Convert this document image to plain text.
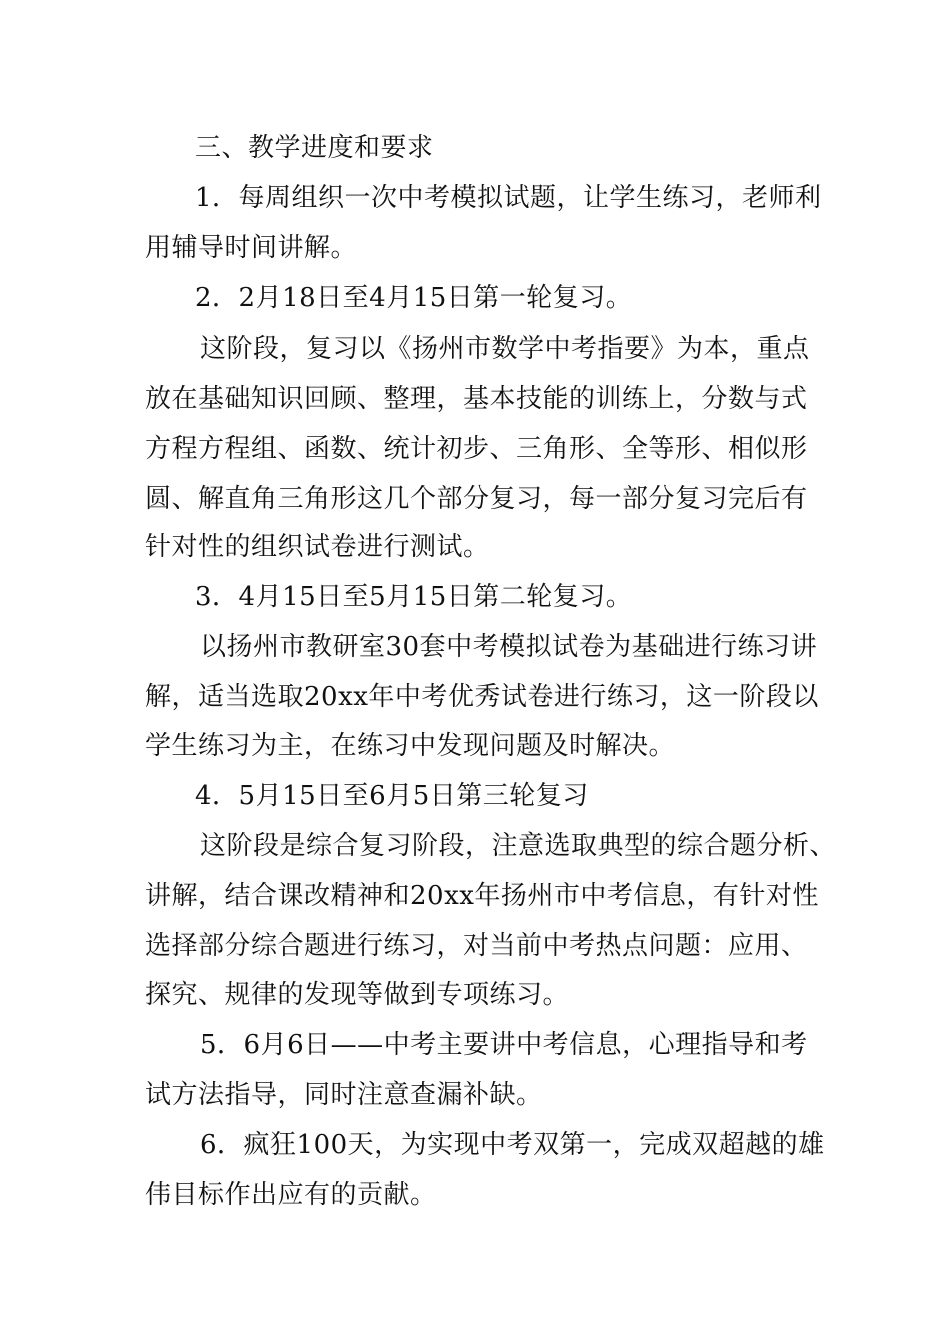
三、教学进度和要求
1．每周组织一次中考模拟试题，让学生练习，老师利
用辅导时间讲解。
2．2月18日至4月15日第一轮复习。
这阶段，复习以《扬州市数学中考指要》为本，重点
放在基础知识回顾、整理，基本技能的训练上，分数与式
方程方程组、函数、统计初步、三角形、全等形、相似形
圆、解直角三角形这几个部分复习，每一部分复习完后有
针对性的组织试卷进行测试。
3．4月15日至5月15日第二轮复习。
以扬州市教研室30套中考模拟试卷为基础进行练习讲
解，适当选取20xx年中考优秀试卷进行练习，这一阶段以
学生练习为主，在练习中发现问题及时解决。
4．5月15日至6月5日第三轮复习
这阶段是综合复习阶段，注意选取典型的综合题分析、
讲解，结合课改精神和20xx年扬州市中考信息，有针对性
选择部分综合题进行练习，对当前中考热点问题：应用、
探究、规律的发现等做到专项练习。
5．6月6日——中考主要讲中考信息，心理指导和考
试方法指导，同时注意查漏补缺。
6．疯狂100天，为实现中考双第一，完成双超越的雄
伟目标作出应有的贡献。
